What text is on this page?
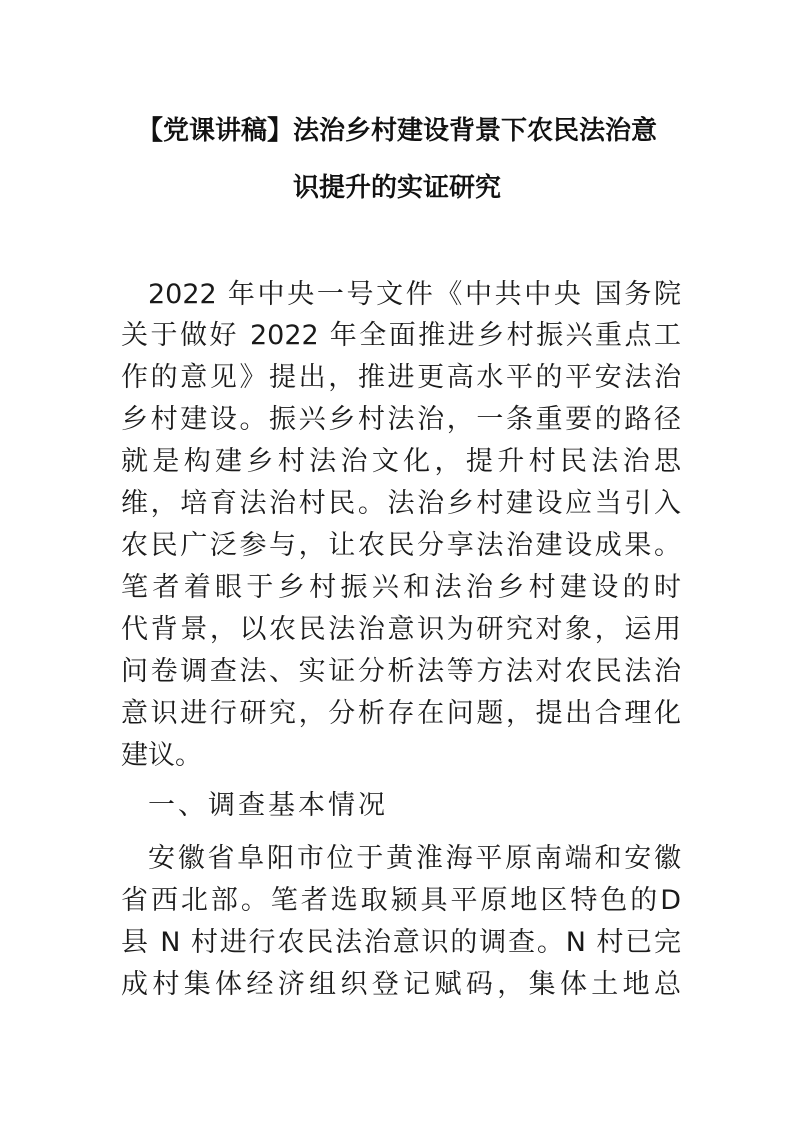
【党课讲稿】法治乡村建设背景下农民法治意
识提升的实证研究
2022 年中央一号文件《中共中央 国务院
关于做好 2022 年全面推进乡村振兴重点工
作的意见》提出，推进更高水平的平安法治
乡村建设。振兴乡村法治，一条重要的路径
就是构建乡村法治文化，提升村民法治思
维，培育法治村民。法治乡村建设应当引入
农民广泛参与，让农民分享法治建设成果。
笔者着眼于乡村振兴和法治乡村建设的时
代背景，以农民法治意识为研究对象，运用
问卷调查法、实证分析法等方法对农民法治
意识进行研究，分析存在问题，提出合理化
建议。
一、调查基本情况
安徽省阜阳市位于黄淮海平原南端和安徽
省西北部。笔者选取颍具平原地区特色的D
县 N 村进行农民法治意识的调查。N 村已完
成村集体经济组织登记赋码，集体土地总
